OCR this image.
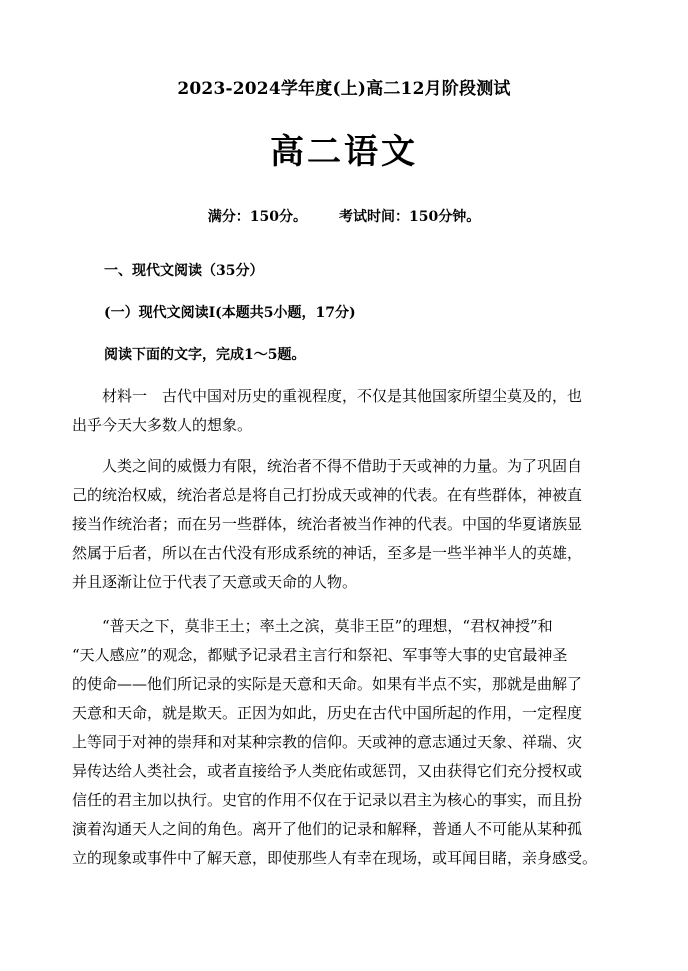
2023-2024学年度(上)高二12月阶段测试
高二语文
满分：150分。 考试时间：150分钟。
一、现代文阅读（35分）
(一）现代文阅读Ⅰ(本题共5小题，17分)
阅读下面的文字，完成1～5题。
材料一　古代中国对历史的重视程度，不仅是其他国家所望尘莫及的，也
出乎今天大多数人的想象。
人类之间的威慑力有限，统治者不得不借助于天或神的力量。为了巩固自
己的统治权威，统治者总是将自己打扮成天或神的代表。在有些群体，神被直
接当作统治者；而在另一些群体，统治者被当作神的代表。中国的华夏诸族显
然属于后者，所以在古代没有形成系统的神话，至多是一些半神半人的英雄，
并且逐渐让位于代表了天意或天命的人物。
“普天之下，莫非王土；率土之滨，莫非王臣”的理想，“君权神授”和
“天人感应”的观念，都赋予记录君主言行和祭祀、军事等大事的史官最神圣
的使命——他们所记录的实际是天意和天命。如果有半点不实，那就是曲解了
天意和天命，就是欺天。正因为如此，历史在古代中国所起的作用，一定程度
上等同于对神的崇拜和对某种宗教的信仰。天或神的意志通过天象、祥瑞、灾
异传达给人类社会，或者直接给予人类庇佑或惩罚，又由获得它们充分授权或
信任的君主加以执行。史官的作用不仅在于记录以君主为核心的事实，而且扮
演着沟通天人之间的角色。离开了他们的记录和解释，普通人不可能从某种孤
立的现象或事件中了解天意，即使那些人有幸在现场，或耳闻目睹，亲身感受。
